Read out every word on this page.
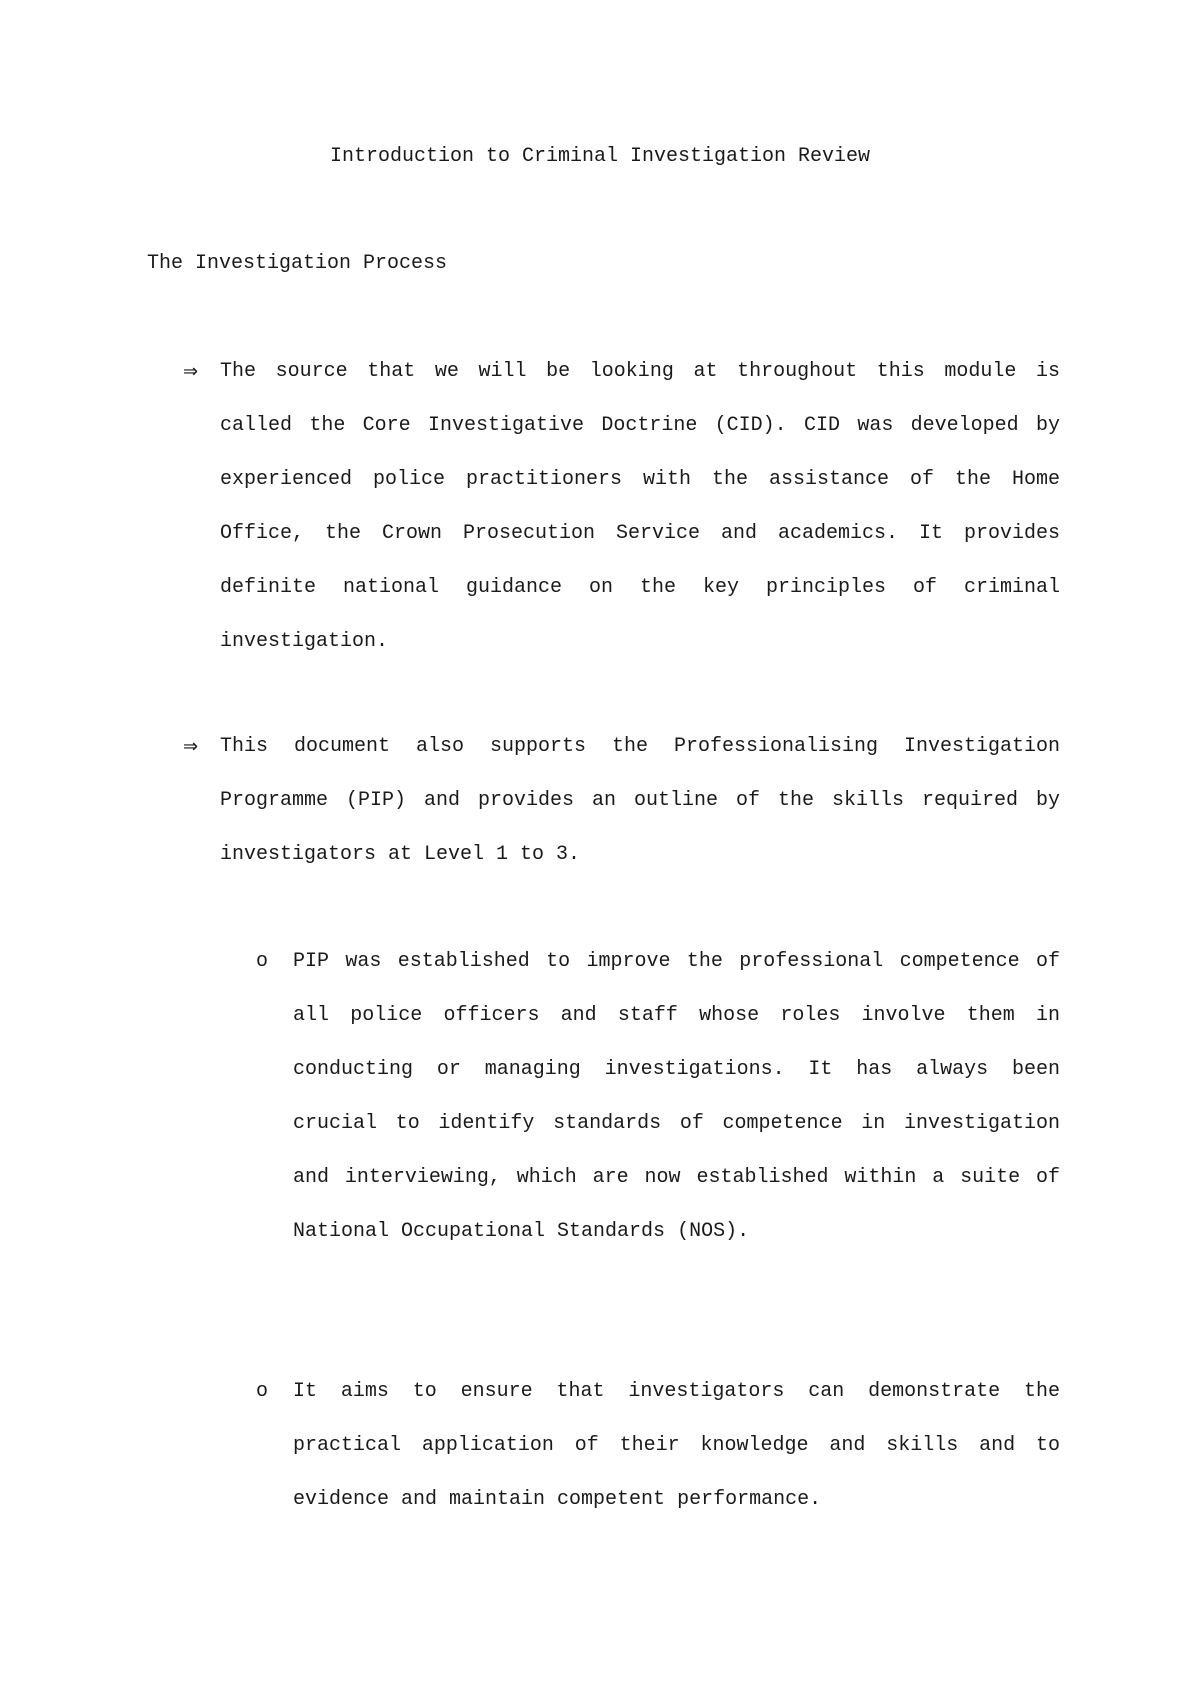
Introduction to Criminal Investigation Review
The Investigation Process
⇒ The source that we will be looking at throughout this module is called the Core Investigative Doctrine (CID). CID was developed by experienced police practitioners with the assistance of the Home Office, the Crown Prosecution Service and academics. It provides definite national guidance on the key principles of criminal investigation.

⇒ This document also supports the Professionalising Investigation Programme (PIP) and provides an outline of the skills required by investigators at Level 1 to 3.

o PIP was established to improve the professional competence of all police officers and staff whose roles involve them in conducting or managing investigations. It has always been crucial to identify standards of competence in investigation and interviewing, which are now established within a suite of National Occupational Standards (NOS).

o It aims to ensure that investigators can demonstrate the practical application of their knowledge and skills and to evidence and maintain competent performance.
